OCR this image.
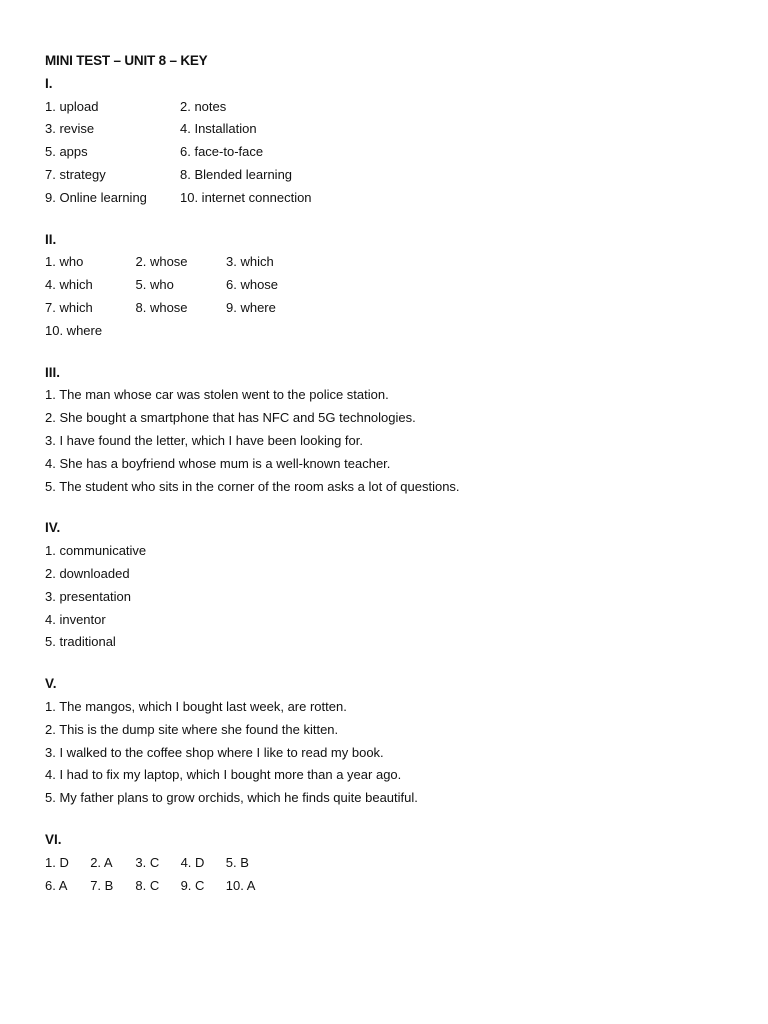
MINI TEST – UNIT 8 – KEY
I.
1. upload	2. notes
3. revise	4. Installation
5. apps	6. face-to-face
7. strategy	8. Blended learning
9. Online learning	10. internet connection
II.
1. who	2. whose	3. which
4. which	5. who	6. whose
7. which	8. whose	9. where
10. where
III.
1. The man whose car was stolen went to the police station.
2. She bought a smartphone that has NFC and 5G technologies.
3. I have found the letter, which I have been looking for.
4. She has a boyfriend whose mum is a well-known teacher.
5. The student who sits in the corner of the room asks a lot of questions.
IV.
1. communicative
2. downloaded
3. presentation
4. inventor
5. traditional
V.
1. The mangos, which I bought last week, are rotten.
2. This is the dump site where she found the kitten.
3. I walked to the coffee shop where I like to read my book.
4. I had to fix my laptop, which I bought more than a year ago.
5. My father plans to grow orchids, which he finds quite beautiful.
VI.
1. D	2. A	3. C	4. D	5. B
6. A	7. B	8. C	9. C	10. A
